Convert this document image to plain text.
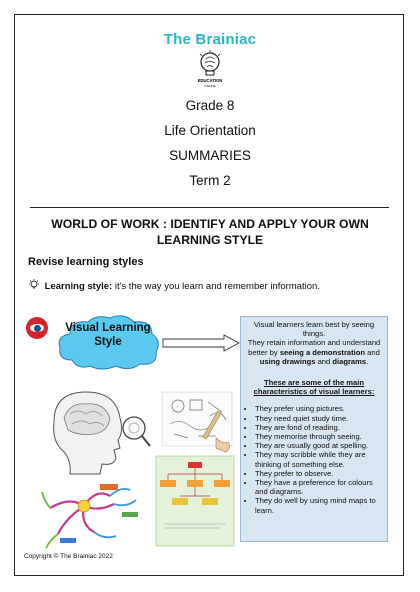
The Brainiac
EDUCATION
ONLINE
Grade 8
Life Orientation
SUMMARIES
Term 2
WORLD OF WORK : IDENTIFY AND APPLY YOUR OWN LEARNING STYLE
Revise learning styles
Learning style: it's the way you learn and remember information.
Visual Learning Style
Visual learners learn best by seeing things.
They retain information and understand better by seeing a demonstration and using drawings and diagrams.
These are some of the main characteristics of visual learners:
• They prefer using pictures.
• They need quiet study time.
• They are fond of reading.
• They memorise through seeing.
• They are usually good at spelling.
• They may scribble while they are thinking of something else.
• They prefer to observe.
• They have a preference for colours and diagrams.
• They do well by using mind maps to learn.
Copyright © The Brainiac 2022
